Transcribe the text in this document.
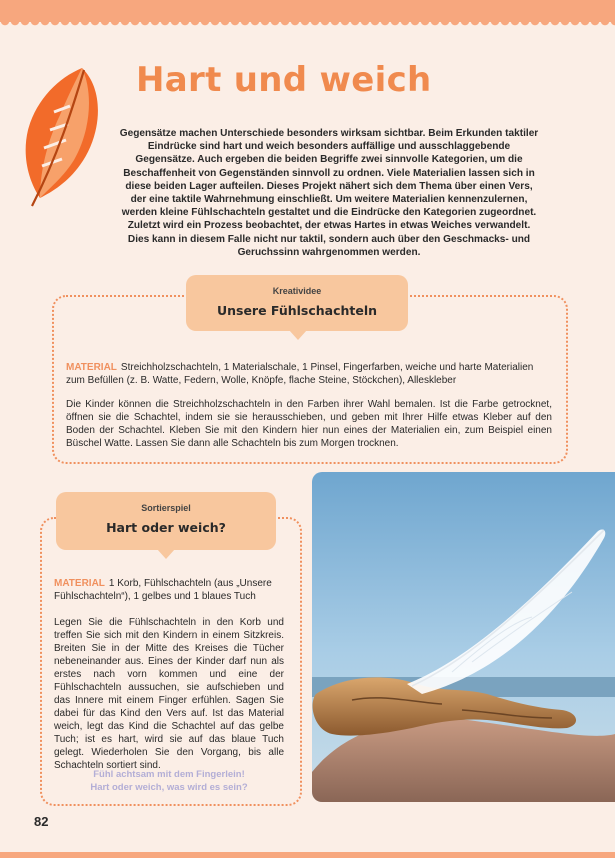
Hart und weich

Gegensätze machen Unterschiede besonders wirksam sichtbar. Beim Erkunden taktiler Eindrücke sind hart und weich besonders auffällige und ausschlaggebende Gegensätze. Auch ergeben die beiden Begriffe zwei sinnvolle Kategorien, um die Beschaffenheit von Gegenständen sinnvoll zu ordnen. Viele Materialien lassen sich in diese beiden Lager aufteilen. Dieses Projekt nähert sich dem Thema über einen Vers, der eine taktile Wahrnehmung einschließt. Um weitere Materialien kennenzulernen, werden kleine Fühlschachteln gestaltet und die Eindrücke den Kategorien zugeordnet. Zuletzt wird ein Prozess beobachtet, der etwas Hartes in etwas Weiches verwandelt. Dies kann in diesem Falle nicht nur taktil, sondern auch über den Geschmacks- und Geruchssinn wahrgenommen werden.

Kreatividee
Unsere Fühlschachteln

MATERIAL Streichholzschachteln, 1 Materialschale, 1 Pinsel, Fingerfarben, weiche und harte Materialien zum Befüllen (z. B. Watte, Federn, Wolle, Knöpfe, flache Steine, Stöckchen), Alleskleber

Die Kinder können die Streichholzschachteln in den Farben ihrer Wahl bemalen. Ist die Farbe getrocknet, öffnen sie die Schachtel, indem sie sie herausschieben, und geben mit Ihrer Hilfe etwas Kleber auf den Boden der Schachtel. Kleben Sie mit den Kindern hier nun eines der Materialien ein, zum Beispiel einen Büschel Watte. Lassen Sie dann alle Schachteln bis zum Morgen trocknen.

Sortierspiel
Hart oder weich?

MATERIAL 1 Korb, Fühlschachteln (aus „Unsere Fühlschachteln“), 1 gelbes und 1 blaues Tuch

Legen Sie die Fühlschachteln in den Korb und treffen Sie sich mit den Kindern in einem Sitzkreis. Breiten Sie in der Mitte des Kreises die Tücher nebeneinander aus. Eines der Kinder darf nun als erstes nach vorn kommen und eine der Fühlschachteln aussuchen, sie aufschieben und das Innere mit einem Finger erfühlen. Sagen Sie dabei für das Kind den Vers auf. Ist das Material weich, legt das Kind die Schachtel auf das gelbe Tuch; ist es hart, wird sie auf das blaue Tuch gelegt. Wiederholen Sie den Vorgang, bis alle Schachteln sortiert sind.

Fühl achtsam mit dem Fingerlein!
Hart oder weich, was wird es sein?

82
